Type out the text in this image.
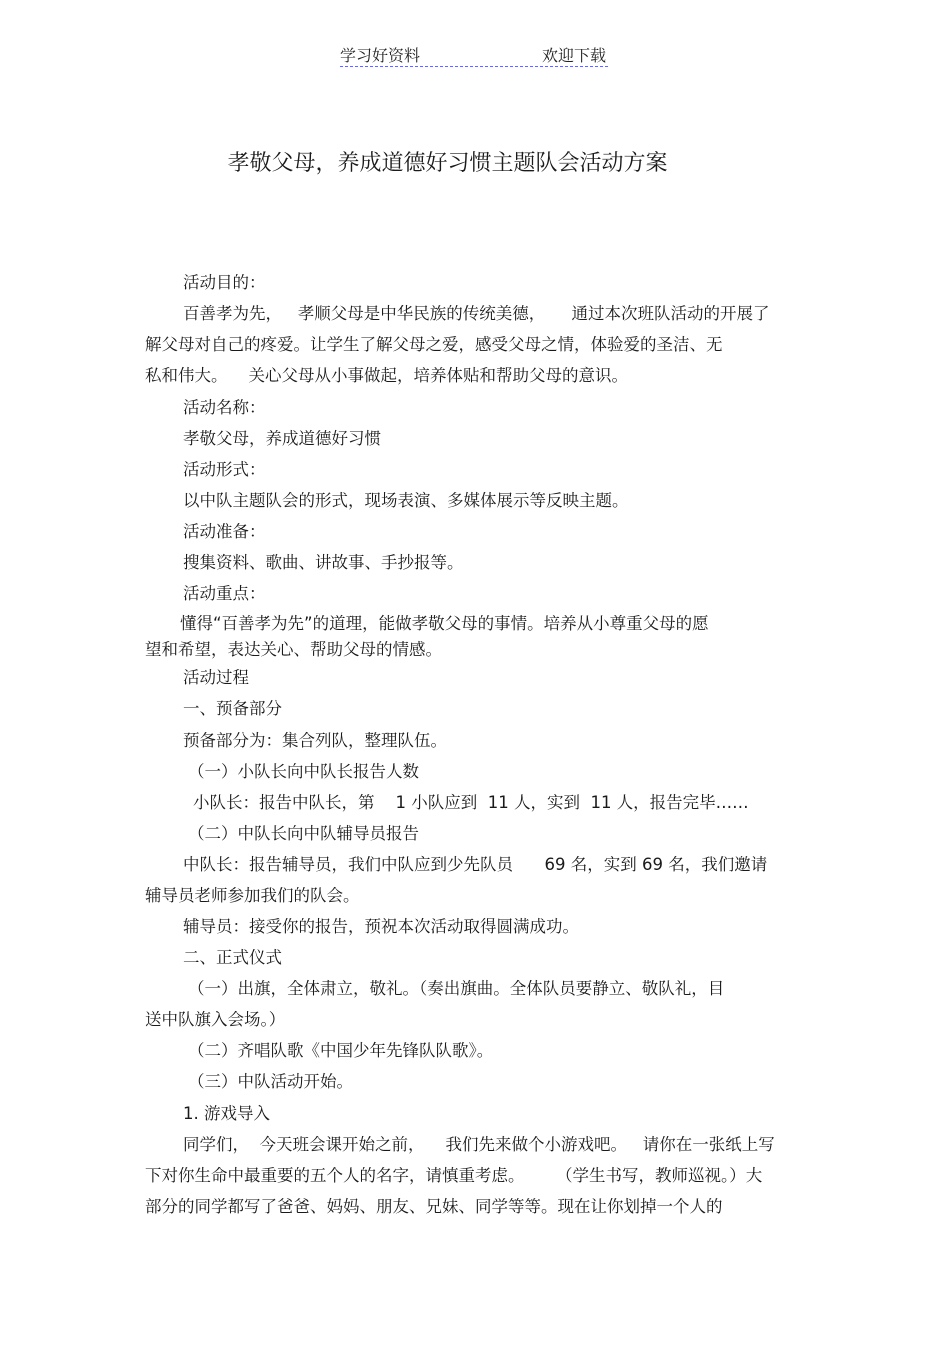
学习好资料	欢迎下载
孝敬父母，养成道德好习惯主题队会活动方案
活动目的：
百善孝为先，   孝顺父母是中华民族的传统美德，     通过本次班队活动的开展了
解父母对自己的疼爱。让学生了解父母之爱，感受父母之情，体验爱的圣洁、无
私和伟大。    关心父母从小事做起，培养体贴和帮助父母的意识。
活动名称：
孝敬父母，养成道德好习惯
活动形式：
以中队主题队会的形式，现场表演、多媒体展示等反映主题。
活动准备：
搜集资料、歌曲、讲故事、手抄报等。
活动重点：
懂得“百善孝为先”的道理，能做孝敬父母的事情。培养从小尊重父母的愿
望和希望，表达关心、帮助父母的情感。
活动过程
一、预备部分
预备部分为：集合列队，整理队伍。
（一）小队长向中队长报告人数
小队长：报告中队长，第    1 小队应到  11 人，实到  11 人，报告完毕……
（二）中队长向中队辅导员报告
中队长：报告辅导员，我们中队应到少先队员      69 名，实到 69 名，我们邀请
辅导员老师参加我们的队会。
辅导员：接受你的报告，预祝本次活动取得圆满成功。
二、正式仪式
（一）出旗，全体肃立，敬礼。（奏出旗曲。全体队员要静立、敬队礼，目
送中队旗入会场。）
（二）齐唱队歌《中国少年先锋队队歌》。
（三）中队活动开始。
1. 游戏导入
同学们，  今天班会课开始之前，    我们先来做个小游戏吧。   请你在一张纸上写
下对你生命中最重要的五个人的名字，请慎重考虑。      （学生书写，教师巡视。）大
部分的同学都写了爸爸、妈妈、朋友、兄妹、同学等等。现在让你划掉一个人的
